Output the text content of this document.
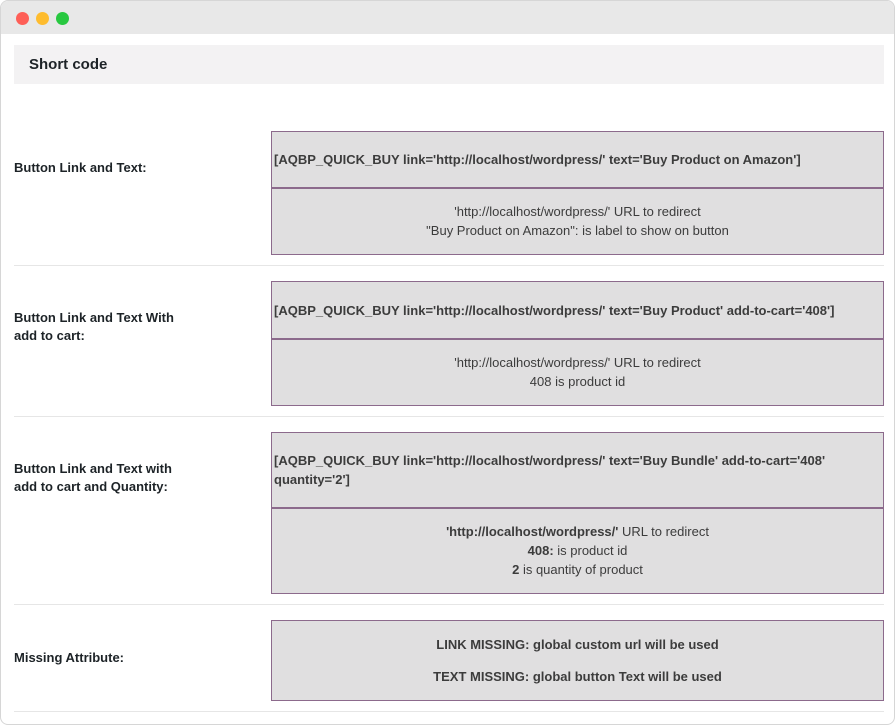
Short code
Button Link and Text:
[AQBP_QUICK_BUY link='http://localhost/wordpress/' text='Buy Product on Amazon']
'http://localhost/wordpress/' URL to redirect
"Buy Product on Amazon": is label to show on button
Button Link and Text With add to cart:
[AQBP_QUICK_BUY link='http://localhost/wordpress/' text='Buy Product' add-to-cart='408']
'http://localhost/wordpress/' URL to redirect
408 is product id
Button Link and Text with add to cart and Quantity:
[AQBP_QUICK_BUY link='http://localhost/wordpress/' text='Buy Bundle' add-to-cart='408' quantity='2']
'http://localhost/wordpress/' URL to redirect
408: is product id
2 is quantity of product
Missing Attribute:
LINK MISSING: global custom url will be used
TEXT MISSING: global button Text will be used
